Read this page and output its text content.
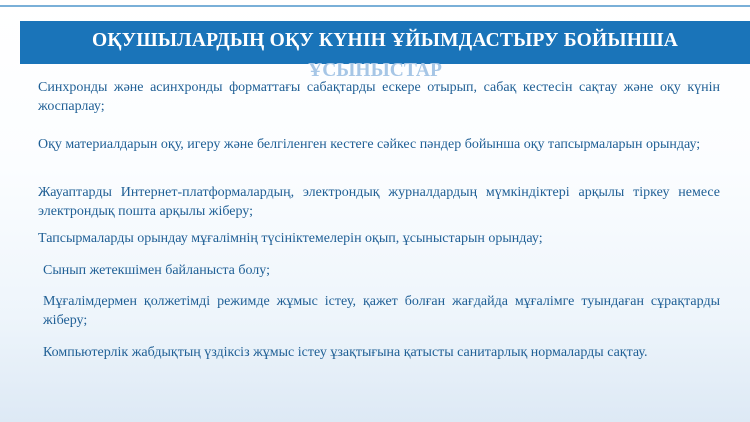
ОҚУШЫЛАРДЫҢ ОҚУ КҮНІН ҰЙЫМДАСТЫРУ БОЙЫНША
ҰСЫНЫСТАР

Синхронды және асинхронды форматтағы сабақтарды ескере отырып, сабақ кестесін сақтау және оқу күнін жоспарлау;

Оқу материалдарын оқу, игеру және белгіленген кестеге сәйкес пәндер бойынша оқу тапсырмаларын орындау;

Жауаптарды Интернет-платформалардың, электрондық журналдардың мүмкіндіктері арқылы тіркеу немесе электрондық пошта арқылы жіберу;

Тапсырмаларды орындау мұғалімнің түсініктемелерін оқып, ұсыныстарын орындау;

Сынып жетекшімен байланыста болу;

Мұғалімдермен қолжетімді режимде жұмыс істеу, қажет болған жағдайда мұғалімге туындаған сұрақтарды жіберу;

Компьютерлік жабдықтың үздіксіз жұмыс істеу ұзақтығына қатысты санитарлық нормаларды сақтау.
